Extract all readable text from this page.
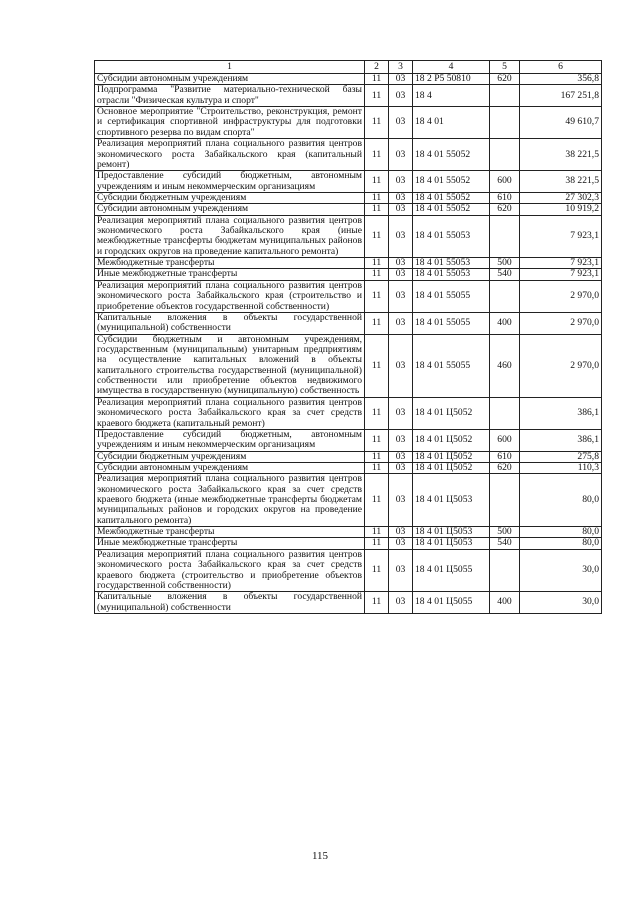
1	2	3	4	5	6
Субсидии автономным учреждениям	11	03	18 2 P5 50810	620	356,8
Подпрограмма "Развитие материально-технической базы отрасли "Физическая культура и спорт"	11	03	18 4		167 251,8
Основное мероприятие "Строительство, реконструкция, ремонт и сертификация спортивной инфраструктуры для подготовки спортивного резерва по видам спорта"	11	03	18 4 01		49 610,7
Реализация мероприятий плана социального развития центров экономического роста Забайкальского края (капитальный ремонт)	11	03	18 4 01 55052		38 221,5
Предоставление субсидий бюджетным, автономным учреждениям и иным некоммерческим организациям	11	03	18 4 01 55052	600	38 221,5
Субсидии бюджетным учреждениям	11	03	18 4 01 55052	610	27 302,3
Субсидии автономным учреждениям	11	03	18 4 01 55052	620	10 919,2
Реализация мероприятий плана социального развития центров экономического роста Забайкальского края (иные межбюджетные трансферты бюджетам муниципальных районов и городских округов на проведение капитального ремонта)	11	03	18 4 01 55053		7 923,1
Межбюджетные трансферты	11	03	18 4 01 55053	500	7 923,1
Иные межбюджетные трансферты	11	03	18 4 01 55053	540	7 923,1
Реализация мероприятий плана социального развития центров экономического роста Забайкальского края (строительство и приобретение объектов государственной собственности)	11	03	18 4 01 55055		2 970,0
Капитальные вложения в объекты государственной (муниципальной) собственности	11	03	18 4 01 55055	400	2 970,0
Субсидии бюджетным и автономным учреждениям, государственным (муниципальным) унитарным предприятиям на осуществление капитальных вложений в объекты капитального строительства государственной (муниципальной) собственности или приобретение объектов недвижимого имущества в государственную (муниципальную) собственность	11	03	18 4 01 55055	460	2 970,0
Реализация мероприятий плана социального развития центров экономического роста Забайкальского края за счет средств краевого бюджета (капитальный ремонт)	11	03	18 4 01 Ц5052		386,1
Предоставление субсидий бюджетным, автономным учреждениям и иным некоммерческим организациям	11	03	18 4 01 Ц5052	600	386,1
Субсидии бюджетным учреждениям	11	03	18 4 01 Ц5052	610	275,8
Субсидии автономным учреждениям	11	03	18 4 01 Ц5052	620	110,3
Реализация мероприятий плана социального развития центров экономического роста Забайкальского края за счет средств краевого бюджета (иные межбюджетные трансферты бюджетам муниципальных районов и городских округов на проведение капитального ремонта)	11	03	18 4 01 Ц5053		80,0
Межбюджетные трансферты	11	03	18 4 01 Ц5053	500	80,0
Иные межбюджетные трансферты	11	03	18 4 01 Ц5053	540	80,0
Реализация мероприятий плана социального развития центров экономического роста Забайкальского края за счет средств краевого бюджета (строительство и приобретение объектов государственной собственности)	11	03	18 4 01 Ц5055		30,0
Капитальные вложения в объекты государственной (муниципальной) собственности	11	03	18 4 01 Ц5055	400	30,0
115
